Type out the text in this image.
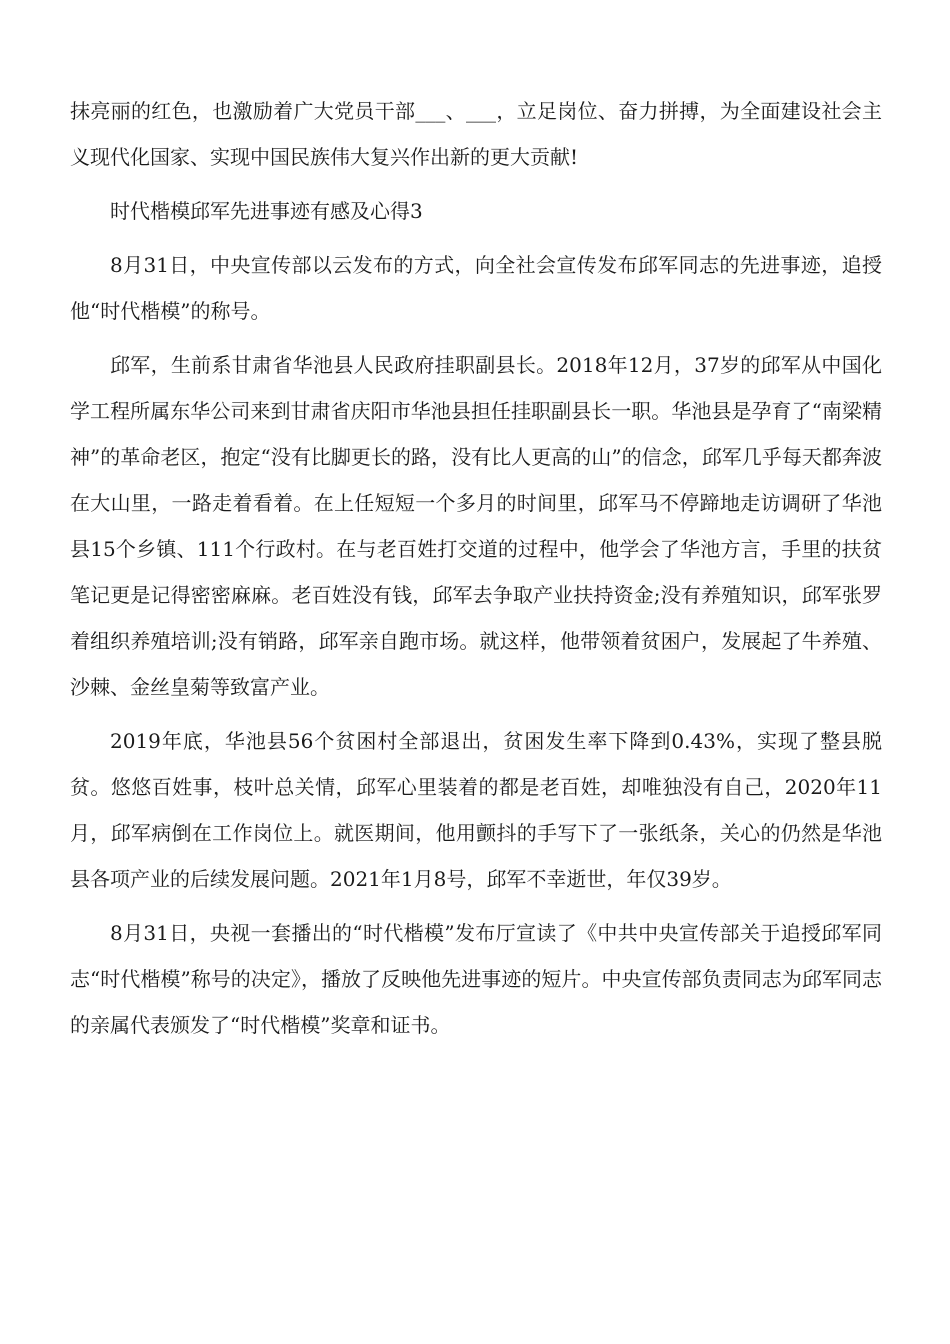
抹亮丽的红色，也激励着广大党员干部___、___，立足岗位、奋力拼搏，为全面建设社会主义现代化国家、实现中国民族伟大复兴作出新的更大贡献!

时代楷模邱军先进事迹有感及心得3

8月31日，中央宣传部以云发布的方式，向全社会宣传发布邱军同志的先进事迹，追授他“时代楷模”的称号。

邱军，生前系甘肃省华池县人民政府挂职副县长。2018年12月，37岁的邱军从中国化学工程所属东华公司来到甘肃省庆阳市华池县担任挂职副县长一职。华池县是孕育了“南梁精神”的革命老区，抱定“没有比脚更长的路，没有比人更高的山”的信念，邱军几乎每天都奔波在大山里，一路走着看着。在上任短短一个多月的时间里，邱军马不停蹄地走访调研了华池县15个乡镇、111个行政村。在与老百姓打交道的过程中，他学会了华池方言，手里的扶贫笔记更是记得密密麻麻。老百姓没有钱，邱军去争取产业扶持资金;没有养殖知识，邱军张罗着组织养殖培训;没有销路，邱军亲自跑市场。就这样，他带领着贫困户，发展起了牛养殖、沙棘、金丝皇菊等致富产业。

2019年底，华池县56个贫困村全部退出，贫困发生率下降到0.43%，实现了整县脱贫。悠悠百姓事，枝叶总关情，邱军心里装着的都是老百姓，却唯独没有自己，2020年11月，邱军病倒在工作岗位上。就医期间，他用颤抖的手写下了一张纸条，关心的仍然是华池县各项产业的后续发展问题。2021年1月8号，邱军不幸逝世，年仅39岁。

8月31日，央视一套播出的“时代楷模”发布厅宣读了《中共中央宣传部关于追授邱军同志“时代楷模”称号的决定》，播放了反映他先进事迹的短片。中央宣传部负责同志为邱军同志的亲属代表颁发了“时代楷模”奖章和证书。
